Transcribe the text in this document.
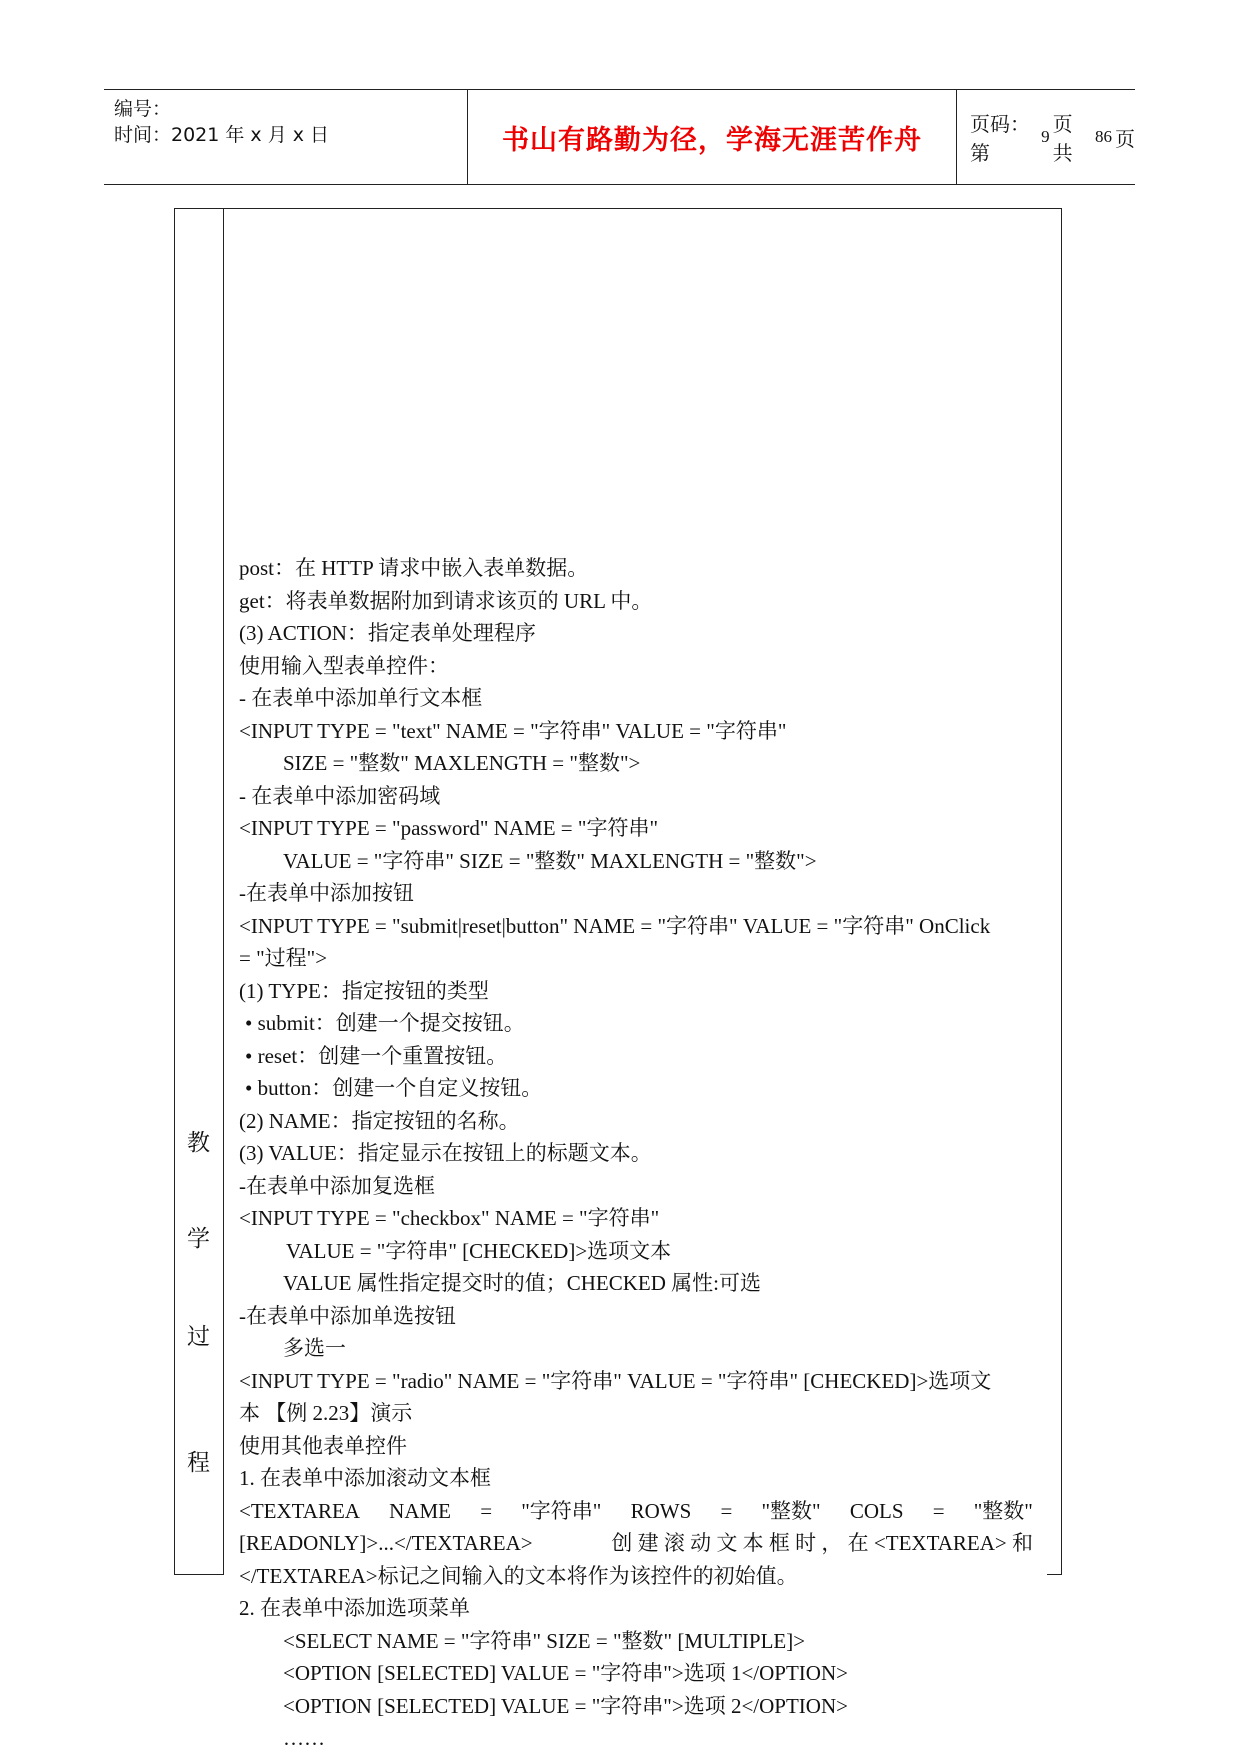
编号：
时间：2021 年 x 月 x 日	书山有路勤为径，学海无涯苦作舟
页码：第
9
页 共
86 页
教
学
过
程
post：在 HTTP 请求中嵌入表单数据。
get：将表单数据附加到请求该页的 URL 中。
(3) ACTION：指定表单处理程序
使用输入型表单控件：
- 在表单中添加单行文本框
<INPUT TYPE = "text" NAME = "字符串" VALUE = "字符串"
SIZE = "整数" MAXLENGTH = "整数">
- 在表单中添加密码域
<INPUT TYPE = "password" NAME = "字符串"
VALUE = "字符串" SIZE = "整数" MAXLENGTH = "整数">
-在表单中添加按钮
<INPUT TYPE = "submit|reset|button" NAME = "字符串" VALUE = "字符串" OnClick
= "过程">
(1) TYPE：指定按钮的类型
• submit：创建一个提交按钮。
• reset：创建一个重置按钮。
• button：创建一个自定义按钮。
(2) NAME：指定按钮的名称。
(3) VALUE：指定显示在按钮上的标题文本。
-在表单中添加复选框
<INPUT TYPE = "checkbox" NAME = "字符串"
VALUE = "字符串" [CHECKED]>选项文本
VALUE 属性指定提交时的值；CHECKED 属性:可选
-在表单中添加单选按钮
多选一
<INPUT TYPE = "radio" NAME = "字符串" VALUE = "字符串" [CHECKED]>选项文
本 【例 2.23】演示
使用其他表单控件
1. 在表单中添加滚动文本框
<TEXTAREA NAME = "字符串" ROWS = "整数" COLS = "整数"
[READONLY]>...</TEXTAREA>	创 建 滚 动 文 本 框 时 ， 在 <TEXTAREA> 和
</TEXTAREA>标记之间输入的文本将作为该控件的初始值。
2. 在表单中添加选项菜单
<SELECT NAME = "字符串" SIZE = "整数" [MULTIPLE]>
<OPTION [SELECTED] VALUE = "字符串">选项 1</OPTION>
<OPTION [SELECTED] VALUE = "字符串">选项 2</OPTION>
……
